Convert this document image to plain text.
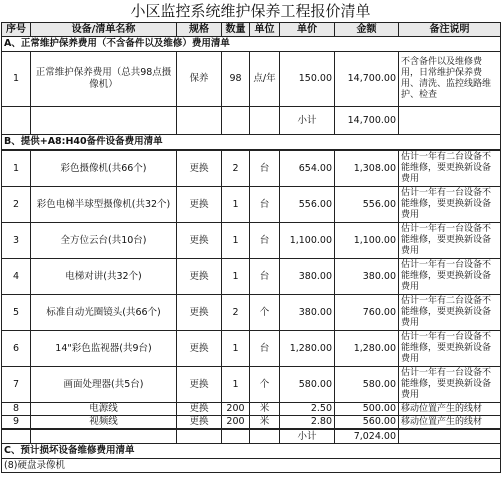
小区监控系统维护保养工程报价清单
序号	设备/清单名称	规格	数量	单位	单价	金额	备注说明
A、正常维护保养费用（不含备件以及维修）费用清单							
1	正常维护保养费用（总共98点摄像机）	保养	98	点/年	150.00	14,700.00	不含备件以及维修费用，日常维护保养费用、清洗、监控线路维护、检查
					小计	14,700.00	
B、提供+A8:H40备件设备费用清单							
1	彩色摄像机(共66个)	更换	2	台	654.00	1,308.00	估计一年有二台设备不能维修，要更换新设备费用
2	彩色电梯半球型摄像机(共32个)	更换	1	台	556.00	556.00	估计一年有一台设备不能维修，要更换新设备费用
3	全方位云台(共10台)	更换	1	台	1,100.00	1,100.00	估计一年有一台设备不能维修，要更换新设备费用
4	电梯对讲(共32个)	更换	1	台	380.00	380.00	估计一年有一台设备不能维修，要更换新设备费用
5	标准自动光圈镜头(共66个)	更换	2	个	380.00	760.00	估计一年有二台设备不能维修，要更换新设备费用
6	14"彩色监视器(共9台)	更换	1	台	1,280.00	1,280.00	估计一年有一台设备不能维修，要更换新设备费用
7	画面处理器(共5台)	更换	1	个	580.00	580.00	估计一年有一台设备不能维修，要更换新设备费用
8	电源线	更换	200	米	2.50	500.00	移动位置产生的线材
9	视频线	更换	200	米	2.80	560.00	移动位置产生的线材
					小计	7,024.00	
C、预计损坏设备维修费用清单
(8)硬盘录像机
